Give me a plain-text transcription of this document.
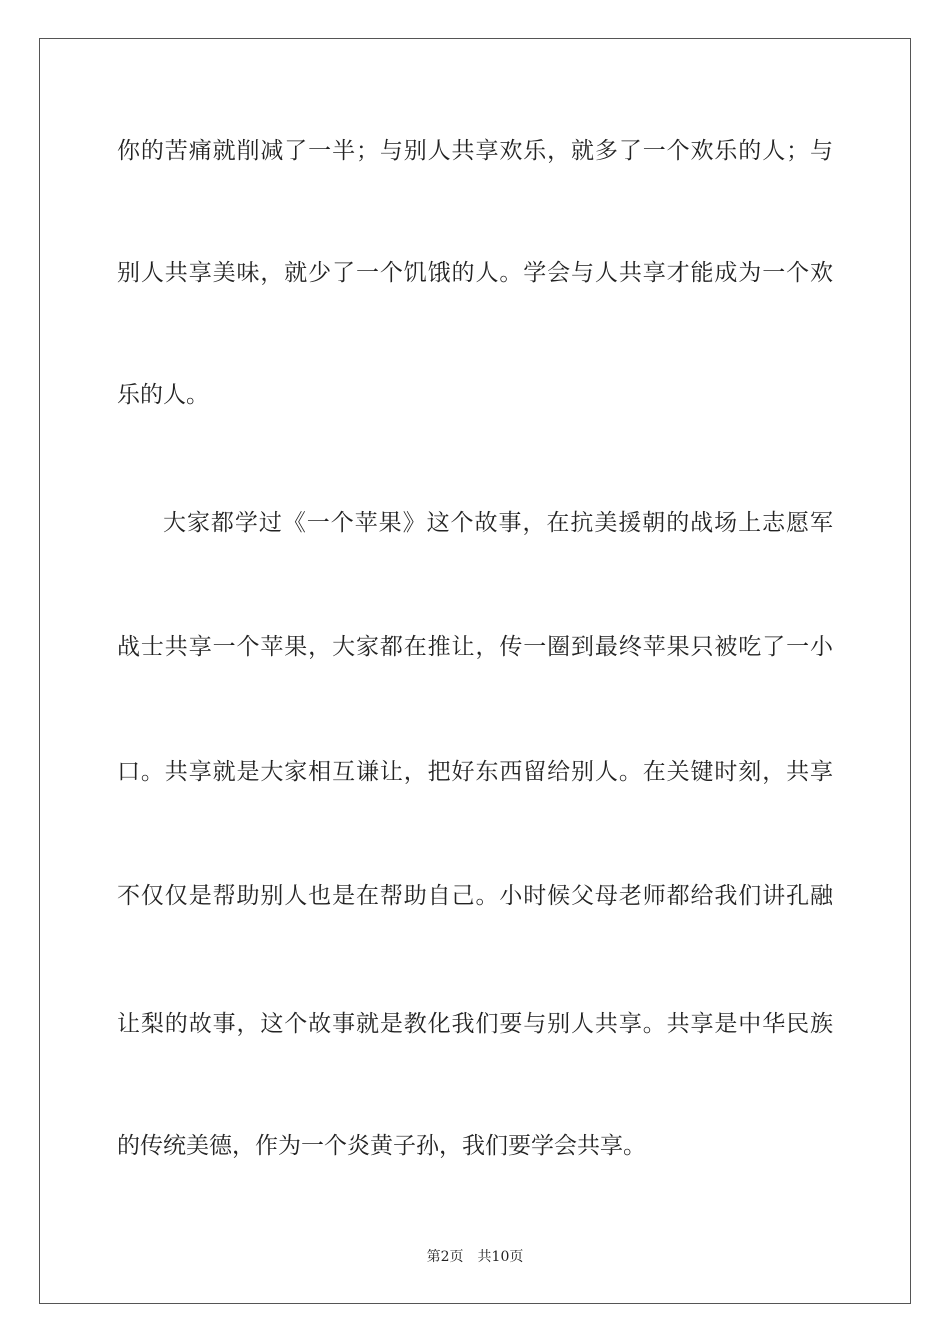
你的苦痛就削减了一半；与别人共享欢乐，就多了一个欢乐的人；与
别人共享美味，就少了一个饥饿的人。学会与人共享才能成为一个欢
乐的人。
大家都学过《一个苹果》这个故事，在抗美援朝的战场上志愿军
战士共享一个苹果，大家都在推让，传一圈到最终苹果只被吃了一小
口。共享就是大家相互谦让，把好东西留给别人。在关键时刻，共享
不仅仅是帮助别人也是在帮助自己。小时候父母老师都给我们讲孔融
让梨的故事，这个故事就是教化我们要与别人共享。共享是中华民族
的传统美德，作为一个炎黄子孙，我们要学会共享。
第2页 共10页
